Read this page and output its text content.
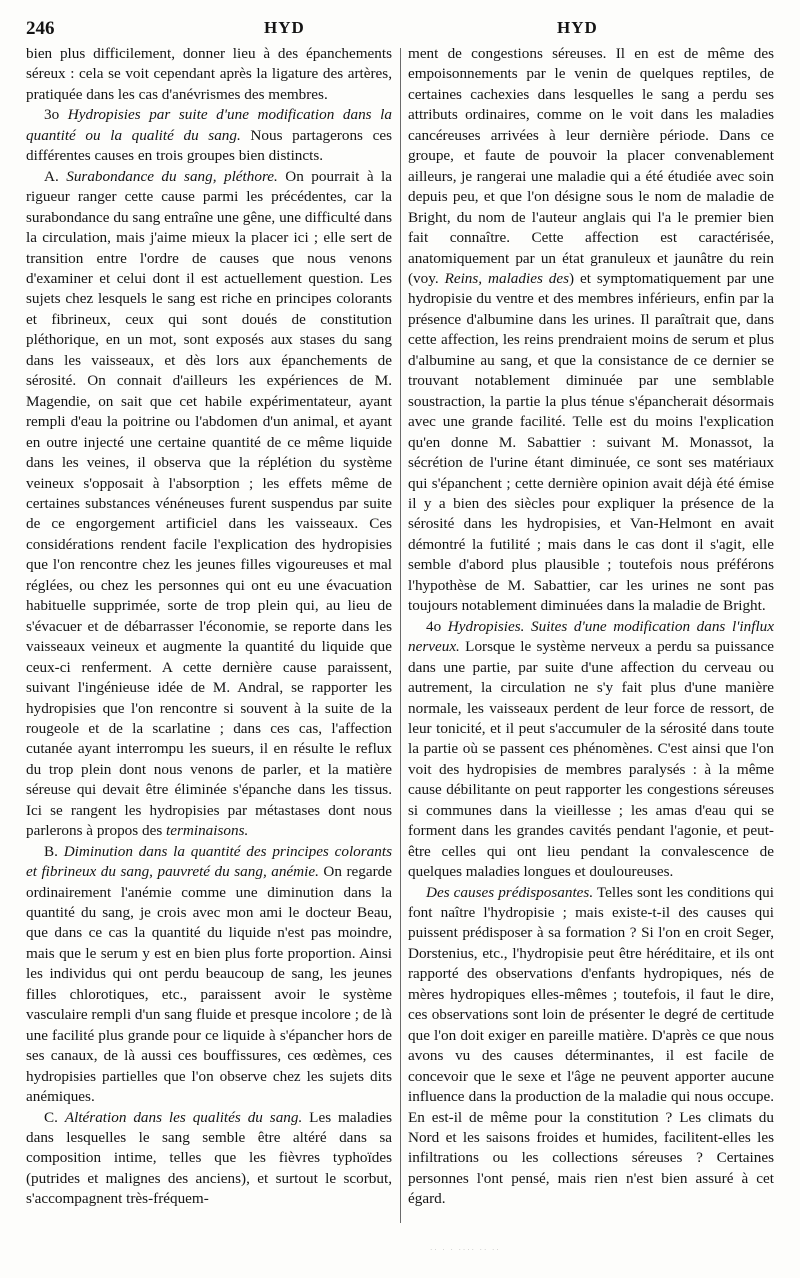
246	HYD	HYD

bien plus difficilement, donner lieu à des épanchements séreux : cela se voit cependant après la ligature des artères, pratiquée dans les cas d'anévrismes des membres.

3o Hydropisies par suite d'une modification dans la quantité ou la qualité du sang. Nous partagerons ces différentes causes en trois groupes bien distincts.

A. Surabondance du sang, pléthore. On pourrait à la rigueur ranger cette cause parmi les précédentes, car la surabondance du sang entraîne une gêne, une difficulté dans la circulation, mais j'aime mieux la placer ici ; elle sert de transition entre l'ordre de causes que nous venons d'examiner et celui dont il est actuellement question. Les sujets chez lesquels le sang est riche en principes colorants et fibrineux, ceux qui sont doués de constitution pléthorique, en un mot, sont exposés aux stases du sang dans les vaisseaux, et dès lors aux épanchements de sérosité. On connait d'ailleurs les expériences de M. Magendie, on sait que cet habile expérimentateur, ayant rempli d'eau la poitrine ou l'abdomen d'un animal, et ayant en outre injecté une certaine quantité de ce même liquide dans les veines, il observa que la réplétion du système veineux s'opposait à l'absorption ; les effets même de certaines substances vénéneuses furent suspendus par suite de ce engorgement artificiel dans les vaisseaux. Ces considérations rendent facile l'explication des hydropisies que l'on rencontre chez les jeunes filles vigoureuses et mal réglées, ou chez les personnes qui ont eu une évacuation habituelle supprimée, sorte de trop plein qui, au lieu de s'évacuer et de débarrasser l'économie, se reporte dans les vaisseaux veineux et augmente la quantité du liquide que ceux-ci renferment. A cette dernière cause paraissent, suivant l'ingénieuse idée de M. Andral, se rapporter les hydropisies que l'on rencontre si souvent à la suite de la rougeole et de la scarlatine ; dans ces cas, l'affection cutanée ayant interrompu les sueurs, il en résulte le reflux du trop plein dont nous venons de parler, et la matière séreuse qui devait être éliminée s'épanche dans les tissus. Ici se rangent les hydropisies par métastases dont nous parlerons à propos des terminaisons.

B. Diminution dans la quantité des principes colorants et fibrineux du sang, pauvreté du sang, anémie. On regarde ordinairement l'anémie comme une diminution dans la quantité du sang, je crois avec mon ami le docteur Beau, que dans ce cas la quantité du liquide n'est pas moindre, mais que le serum y est en bien plus forte proportion. Ainsi les individus qui ont perdu beaucoup de sang, les jeunes filles chlorotiques, etc., paraissent avoir le système vasculaire rempli d'un sang fluide et presque incolore ; de là une facilité plus grande pour ce liquide à s'épancher hors de ses canaux, de là aussi ces bouffissures, ces œdèmes, ces hydropisies partielles que l'on observe chez les sujets dits anémiques.

C. Altération dans les qualités du sang. Les maladies dans lesquelles le sang semble être altéré dans sa composition intime, telles que les fièvres typhoïdes (putrides et malignes des anciens), et surtout le scorbut, s'accompagnent très-fréquem-

ment de congestions séreuses. Il en est de même des empoisonnements par le venin de quelques reptiles, de certaines cachexies dans lesquelles le sang a perdu ses attributs ordinaires, comme on le voit dans les maladies cancéreuses arrivées à leur dernière période. Dans ce groupe, et faute de pouvoir la placer convenablement ailleurs, je rangerai une maladie qui a été étudiée avec soin depuis peu, et que l'on désigne sous le nom de maladie de Bright, du nom de l'auteur anglais qui l'a le premier bien fait connaître. Cette affection est caractérisée, anatomiquement par un état granuleux et jaunâtre du rein (voy. Reins, maladies des) et symptomatiquement par une hydropisie du ventre et des membres inférieurs, enfin par la présence d'albumine dans les urines. Il paraîtrait que, dans cette affection, les reins prendraient moins de serum et plus d'albumine au sang, et que la consistance de ce dernier se trouvant notablement diminuée par une semblable soustraction, la partie la plus ténue s'épancherait désormais avec une grande facilité. Telle est du moins l'explication qu'en donne M. Sabattier : suivant M. Monassot, la sécrétion de l'urine étant diminuée, ce sont ses matériaux qui s'épanchent ; cette dernière opinion avait déjà été émise il y a bien des siècles pour expliquer la présence de la sérosité dans les hydropisies, et Van-Helmont en avait démontré la futilité ; mais dans le cas dont il s'agit, elle semble d'abord plus plausible ; toutefois nous préférons l'hypothèse de M. Sabattier, car les urines ne sont pas toujours notablement diminuées dans la maladie de Bright.

4o Hydropisies. Suites d'une modification dans l'influx nerveux. Lorsque le système nerveux a perdu sa puissance dans une partie, par suite d'une affection du cerveau ou autrement, la circulation ne s'y fait plus d'une manière normale, les vaisseaux perdent de leur force de ressort, de leur tonicité, et il peut s'accumuler de la sérosité dans toute la partie où se passent ces phénomènes. C'est ainsi que l'on voit des hydropisies de membres paralysés : à la même cause débilitante on peut rapporter les congestions séreuses si communes dans la vieillesse ; les amas d'eau qui se forment dans les grandes cavités pendant l'agonie, et peut-être celles qui ont lieu pendant la convalescence de quelques maladies longues et douloureuses.

Des causes prédisposantes. Telles sont les conditions qui font naître l'hydropisie ; mais existe-t-il des causes qui puissent prédisposer à sa formation ? Si l'on en croit Seger, Dorstenius, etc., l'hydropisie peut être héréditaire, et ils ont rapporté des observations d'enfants hydropiques, nés de mères hydropiques elles-mêmes ; toutefois, il faut le dire, ces observations sont loin de présenter le degré de certitude que l'on doit exiger en pareille matière. D'après ce que nous avons vu des causes déterminantes, il est facile de concevoir que le sexe et l'âge ne peuvent apporter aucune influence dans la production de la maladie qui nous occupe. En est-il de même pour la constitution ? Les climats du Nord et les saisons froides et humides, facilitent-elles les infiltrations ou les collections séreuses ? Certaines personnes l'ont pensé, mais rien n'est bien assuré à cet égard.

·· · · ···· ·· ··
